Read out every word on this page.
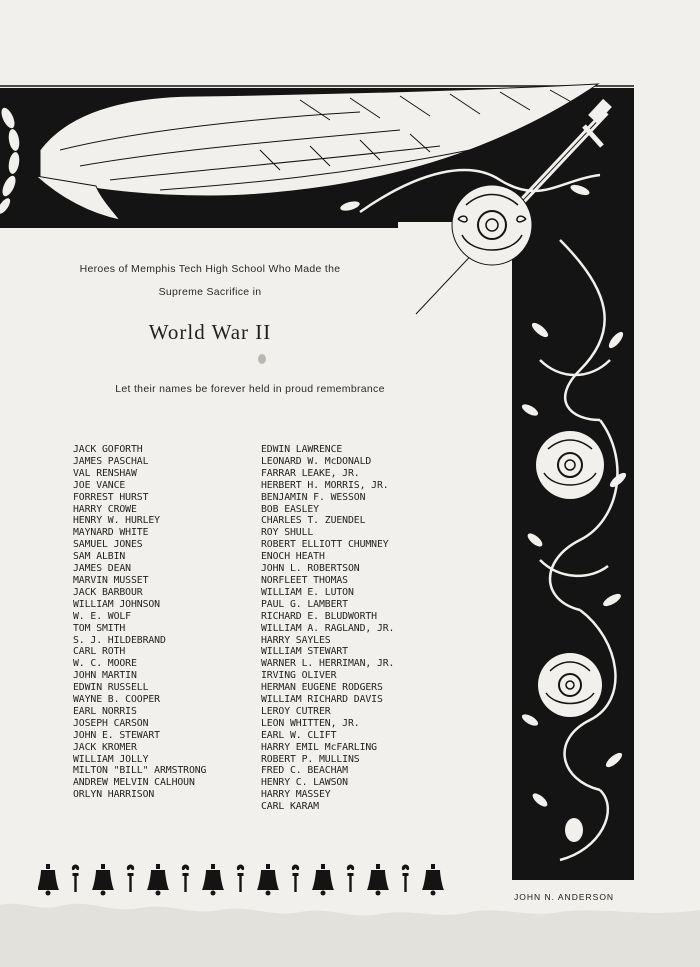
Heroes of Memphis Tech High School Who Made the
Supreme Sacrifice in
World War II
Let their names be forever held in proud remembrance
JACK GOFORTH
JAMES PASCHAL
VAL RENSHAW
JOE VANCE
FORREST HURST
HARRY CROWE
HENRY W. HURLEY
MAYNARD WHITE
SAMUEL JONES
SAM ALBIN
JAMES DEAN
MARVIN MUSSET
JACK BARBOUR
WILLIAM JOHNSON
W. E. WOLF
TOM SMITH
S. J. HILDEBRAND
CARL ROTH
W. C. MOORE
JOHN MARTIN
EDWIN RUSSELL
WAYNE B. COOPER
EARL NORRIS
JOSEPH CARSON
JOHN E. STEWART
JACK KROMER
WILLIAM JOLLY
MILTON "BILL" ARMSTRONG
ANDREW MELVIN CALHOUN
ORLYN HARRISON
EDWIN LAWRENCE
LEONARD W. McDONALD
FARRAR LEAKE, JR.
HERBERT H. MORRIS, JR.
BENJAMIN F. WESSON
BOB EASLEY
CHARLES T. ZUENDEL
ROY SHULL
ROBERT ELLIOTT CHUMNEY
ENOCH HEATH
JOHN L. ROBERTSON
NORFLEET THOMAS
WILLIAM E. LUTON
PAUL G. LAMBERT
RICHARD E. BLUDWORTH
WILLIAM A. RAGLAND, JR.
HARRY SAYLES
WILLIAM STEWART
WARNER L. HERRIMAN, JR.
IRVING OLIVER
HERMAN EUGENE RODGERS
WILLIAM RICHARD DAVIS
LEROY CUTRER
LEON WHITTEN, JR.
EARL W. CLIFT
HARRY EMIL McFARLING
ROBERT P. MULLINS
FRED C. BEACHAM
HENRY C. LAWSON
HARRY MASSEY
CARL KARAM
JOHN N. ANDERSON
